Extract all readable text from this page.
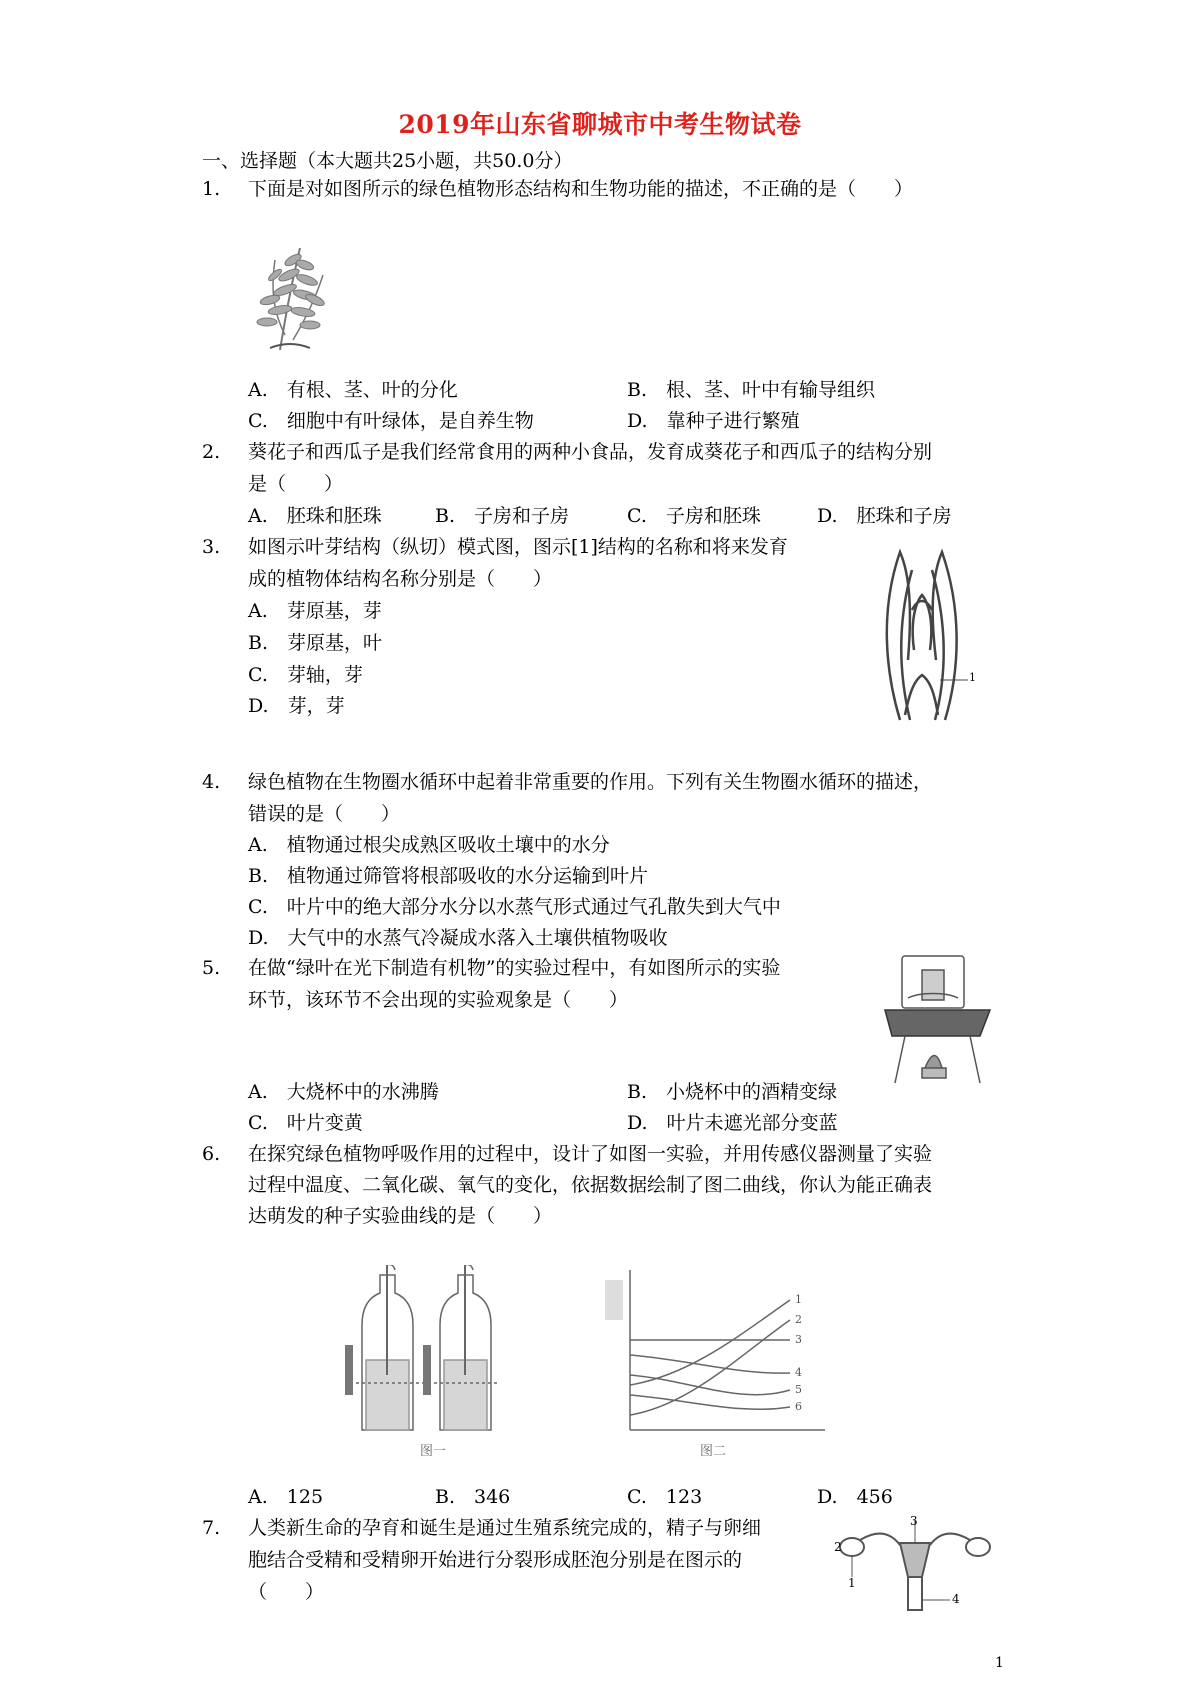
2019年山东省聊城市中考生物试卷
一、选择题（本大题共25小题，共50.0分）
1. 下面是对如图所示的绿色植物形态结构和生物功能的描述，不正确的是（　　）
A.　有根、茎、叶的分化	B.　根、茎、叶中有输导组织
C.　细胞中有叶绿体，是自养生物	D.　靠种子进行繁殖
2. 葵花子和西瓜子是我们经常食用的两种小食品，发育成葵花子和西瓜子的结构分别
是（　　）
A.　胚珠和胚珠	B.　子房和子房	C.　子房和胚珠	D.　胚珠和子房
3. 如图示叶芽结构（纵切）模式图，图示[1]结构的名称和将来发育
成的植物体结构名称分别是（　　）
A.　芽原基，芽
B.　芽原基，叶
C.　芽轴，芽
D.　芽，芽
1
4. 绿色植物在生物圈水循环中起着非常重要的作用。下列有关生物圈水循环的描述，
错误的是（　　）
A.　植物通过根尖成熟区吸收土壤中的水分
B.　植物通过筛管将根部吸收的水分运输到叶片
C.　叶片中的绝大部分水分以水蒸气形式通过气孔散失到大气中
D.　大气中的水蒸气冷凝成水落入土壤供植物吸收
5. 在做“绿叶在光下制造有机物”的实验过程中，有如图所示的实验
环节，该环节不会出现的实验观象是（　　）
A.　大烧杯中的水沸腾	B.　小烧杯中的酒精变绿
C.　叶片变黄	D.　叶片未遮光部分变蓝
6. 在探究绿色植物呼吸作用的过程中，设计了如图一实验，并用传感仪器测量了实验
过程中温度、二氧化碳、氧气的变化，依据数据绘制了图二曲线，你认为能正确表
达萌发的种子实验曲线的是（　　）
图一
1
2
3
4
5
6
图二
A.　125	B.　346	C.　123	D.　456
7. 人类新生命的孕育和诞生是通过生殖系统完成的，精子与卵细
胞结合受精和受精卵开始进行分裂形成胚泡分别是在图示的
（　　）	1
2
3
4
1
